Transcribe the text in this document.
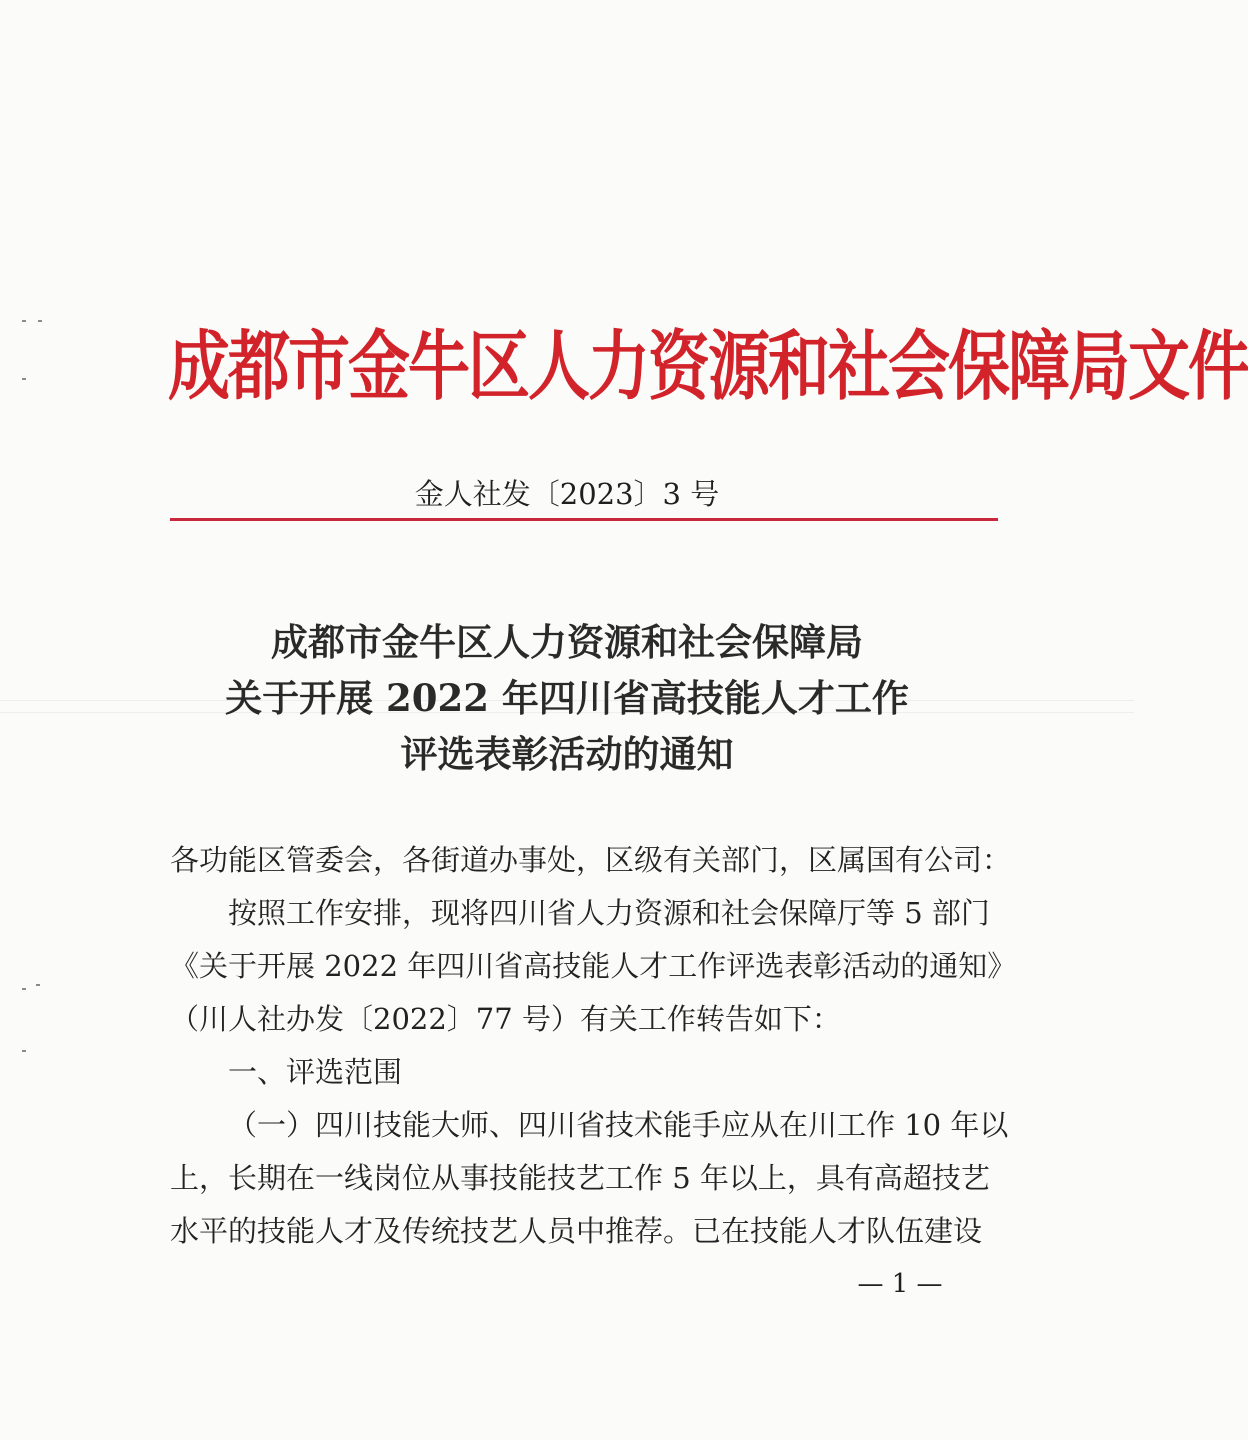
成都市金牛区人力资源和社会保障局文件
金人社发〔2023〕3 号
成都市金牛区人力资源和社会保障局
关于开展 2022 年四川省高技能人才工作
评选表彰活动的通知
各功能区管委会，各街道办事处，区级有关部门，区属国有公司：
按照工作安排，现将四川省人力资源和社会保障厅等 5 部门
《关于开展 2022 年四川省高技能人才工作评选表彰活动的通知》
（川人社办发〔2022〕77 号）有关工作转告如下：
一、评选范围
（一）四川技能大师、四川省技术能手应从在川工作 10 年以
上，长期在一线岗位从事技能技艺工作 5 年以上，具有高超技艺
水平的技能人才及传统技艺人员中推荐。已在技能人才队伍建设
— 1 —
